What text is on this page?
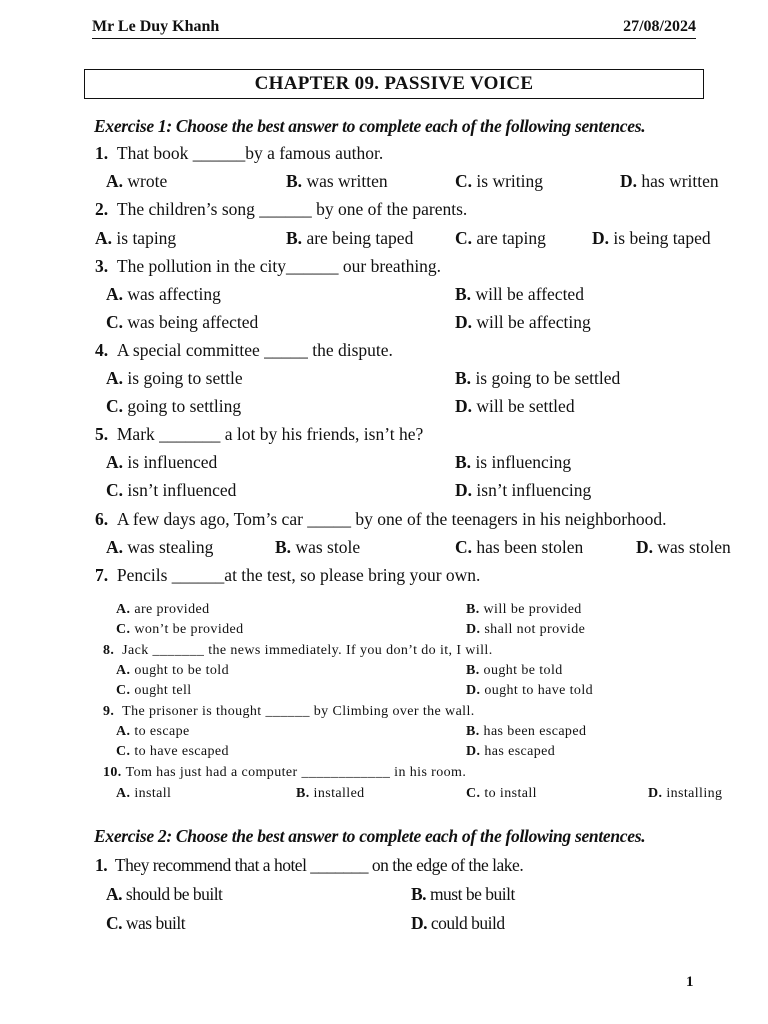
Mr Le Duy Khanh	27/08/2024
CHAPTER 09. PASSIVE VOICE
Exercise 1: Choose the best answer to complete each of the following sentences.
1. That book ______by a famous author.
A. wrote	B. was written	C. is writing	D. has written
2. The children’s song ______ by one of the parents.
A. is taping	B. are being taped C. are taping	D. is being taped
3. The pollution in the city______ our breathing.
A. was affecting	B. will be affected
C. was being affected	D. will be affecting
4. A special committee _____ the dispute.
A. is going to settle	B. is going to be settled
C. going to settling	D. will be settled
5. Mark _______ a lot by his friends, isn’t he?
A. is influenced	B. is influencing
C. isn’t influenced	D. isn’t influencing
6. A few days ago, Tom’s car _____ by one of the teenagers in his neighborhood.
A. was stealing	B. was stole	C. has been stolen	D. was stolen
7. Pencils ______at the test, so please bring your own.
A. are provided	B. will be provided
C. won’t be provided	D. shall not provide
8. Jack _______ the news immediately. If you don’t do it, I will.
A. ought to be told	B. ought be told
C. ought tell	D. ought to have told
9. The prisoner is thought ______ by Climbing over the wall.
A. to escape	B. has been escaped
C. to have escaped	D. has escaped
10. Tom has just had a computer ____________ in his room.
A. install	B. installed	C. to install	D. installing
Exercise 2: Choose the best answer to complete each of the following sentences.
1. They recommend that a hotel _______ on the edge of the lake.
A. should be built	B. must be built
C. was built	D. could build
1
